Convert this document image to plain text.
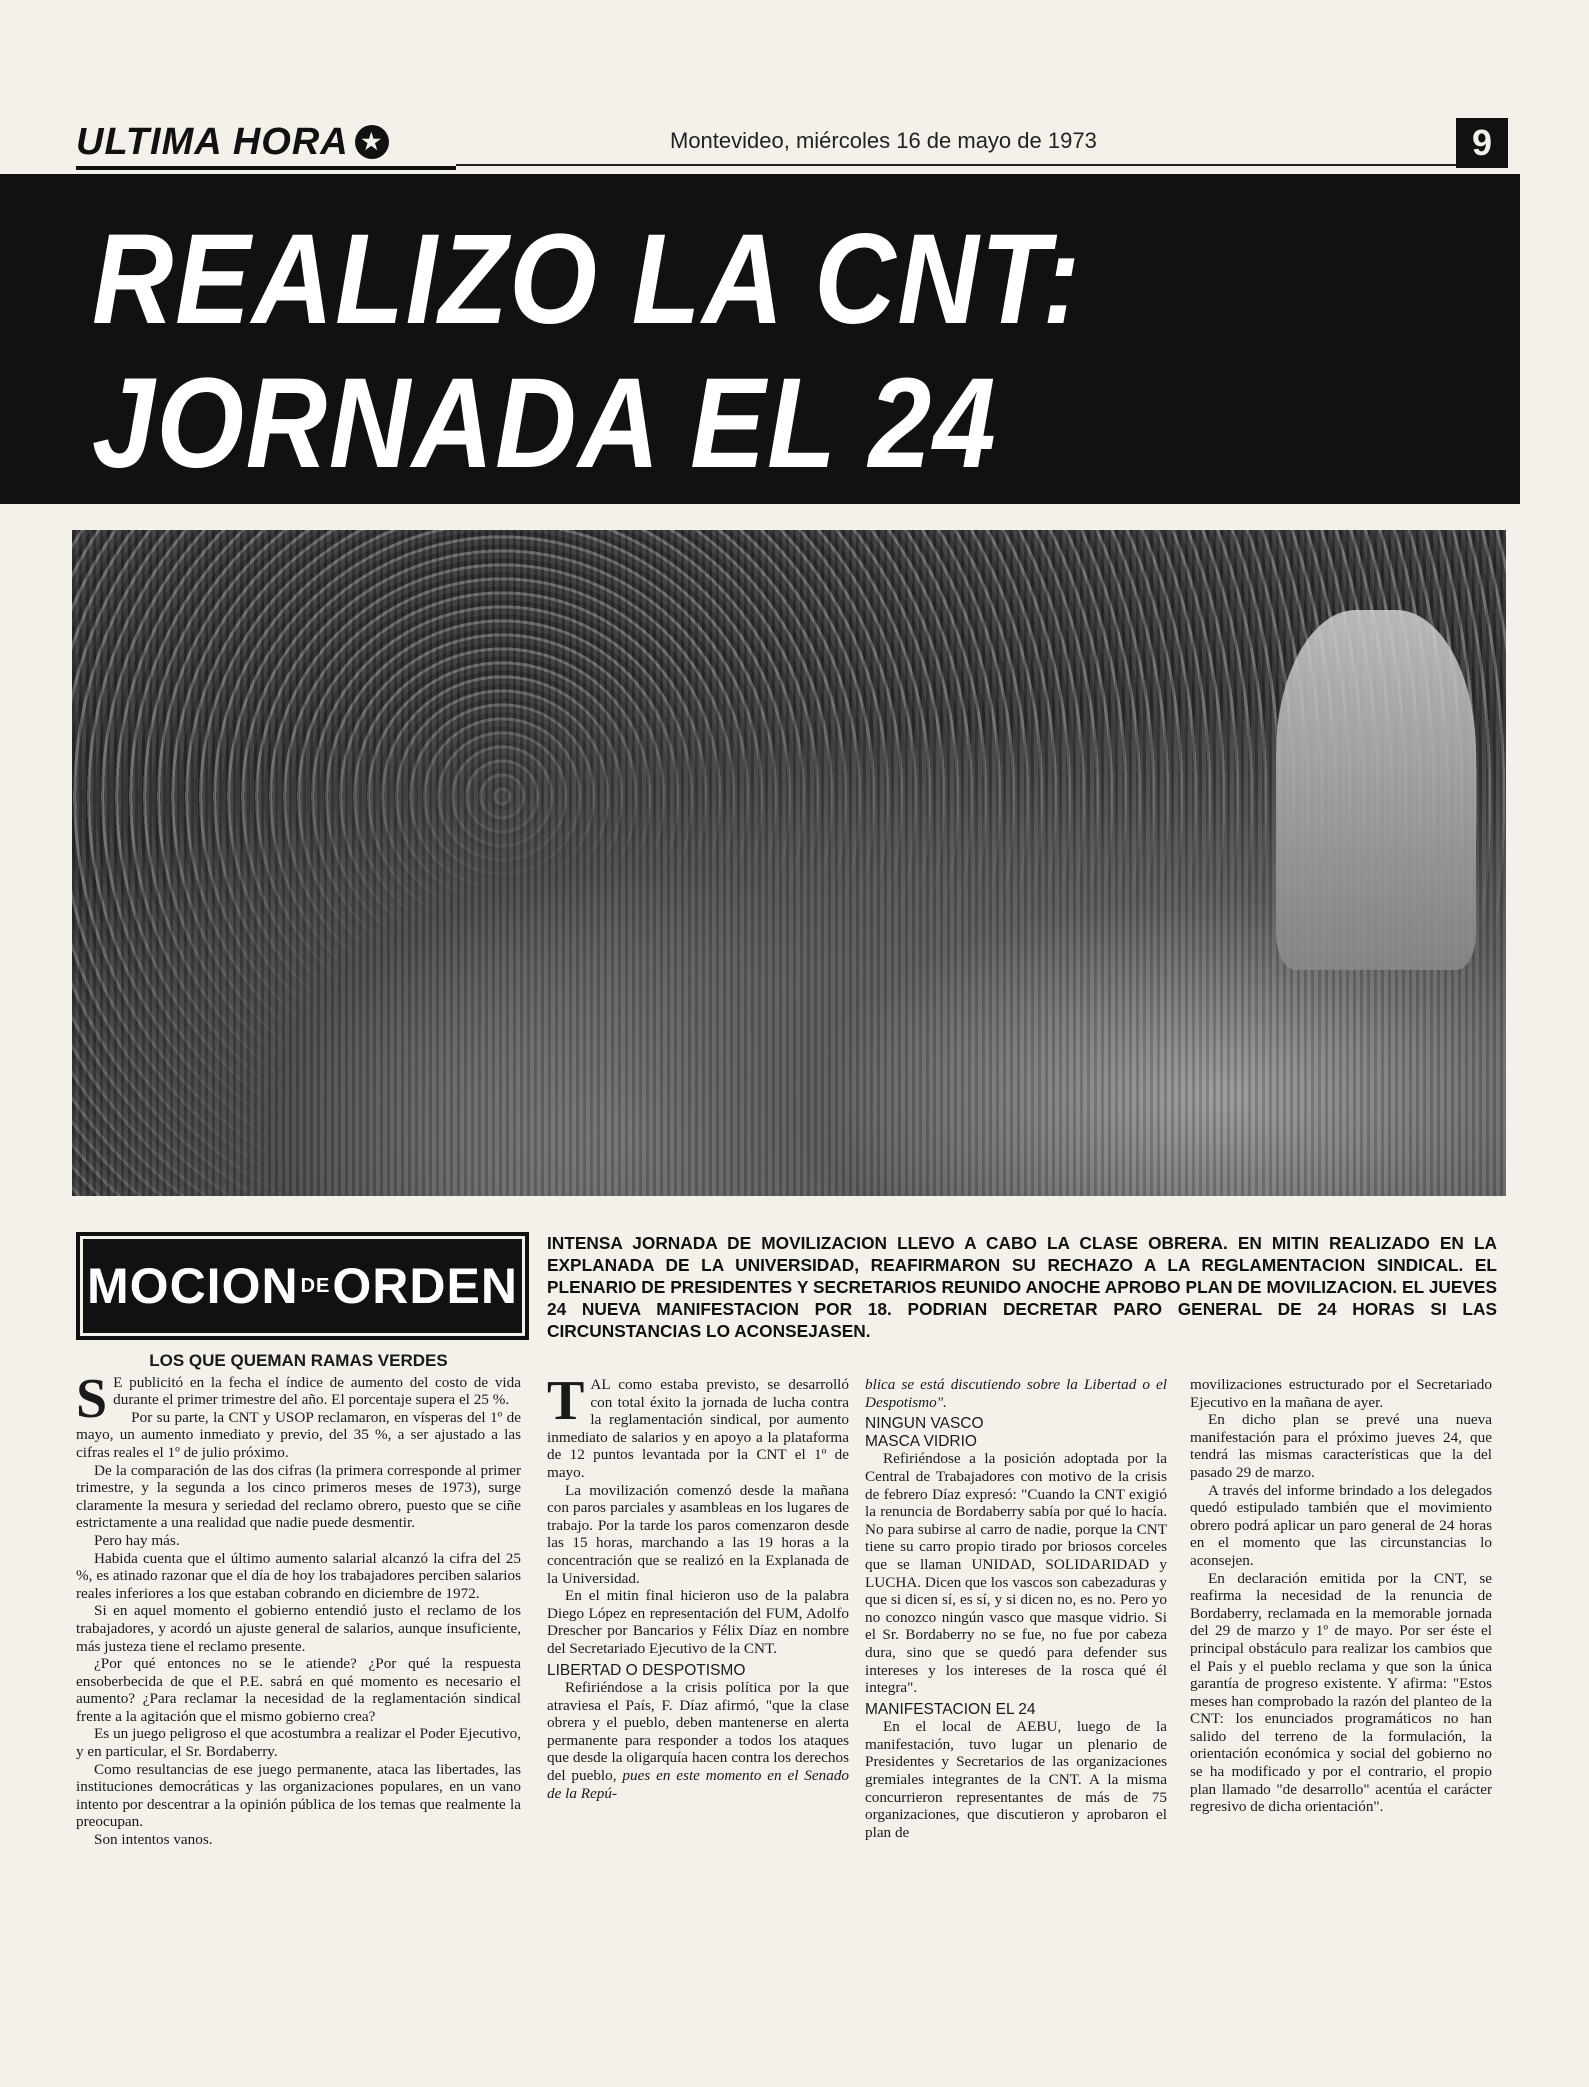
ULTIMA HORA ★	Montevideo, miércoles 16 de mayo de 1973	9
REALIZO LA CNT:
JORNADA EL 24
MOCION DE ORDEN
INTENSA JORNADA DE MOVILIZACION LLEVO A CABO LA CLASE OBRERA. EN MITIN REALIZADO EN LA EXPLANADA DE LA UNIVERSIDAD, REAFIRMARON SU RECHAZO A LA REGLAMENTACION SINDICAL. EL PLENARIO DE PRESIDENTES Y SECRETARIOS REUNIDO ANOCHE APROBO PLAN DE MOVILIZACION. EL JUEVES 24 NUEVA MANIFESTACION POR 18. PODRIAN DECRETAR PARO GENERAL DE 24 HORAS SI LAS CIRCUNSTANCIAS LO ACONSEJASEN.
LOS QUE QUEMAN RAMAS VERDES

S E publicitó en la fecha el índice de aumento del costo de vida durante el primer trimestre del año. El porcentaje supera el 25 %.

Por su parte, la CNT y USOP reclamaron, en vísperas del 1º de mayo, un aumento inmediato y previo, del 35 %, a ser ajustado a las cifras reales el 1º de julio próximo.

De la comparación de las dos cifras (la primera corresponde al primer trimestre, y la segunda a los cinco primeros meses de 1973), surge claramente la mesura y seriedad del reclamo obrero, puesto que se ciñe estrictamente a una realidad que nadie puede desmentir.

Pero hay más.

Habida cuenta que el último aumento salarial alcanzó la cifra del 25 %, es atinado razonar que el día de hoy los trabajadores perciben salarios reales inferiores a los que estaban cobrando en diciembre de 1972.

Si en aquel momento el gobierno entendió justo el reclamo de los trabajadores, y acordó un ajuste general de salarios, aunque insuficiente, más justeza tiene el reclamo presente.

¿Por qué entonces no se le atiende? ¿Por qué la respuesta ensoberbecida de que el P.E. sabrá en qué momento es necesario el aumento? ¿Para reclamar la necesidad de la reglamentación sindical frente a la agitación que el mismo gobierno crea?

Es un juego peligroso el que acostumbra a realizar el Poder Ejecutivo, y en particular, el Sr. Bordaberry.

Como resultancias de ese juego permanente, ataca las libertades, las instituciones democráticas y las organizaciones populares, en un vano intento por descentrar a la opinión pública de los temas que realmente la preocupan.

Son intentos vanos.

TAL como estaba previsto, se desarrolló con total éxito la jornada de lucha contra la reglamentación sindical, por aumento inmediato de salarios y en apoyo a la plataforma de 12 puntos levantada por la CNT el 1º de mayo.

La movilización comenzó desde la mañana con paros parciales y asambleas en los lugares de trabajo. Por la tarde los paros comenzaron desde las 15 horas, marchando a las 19 horas a la concentración que se realizó en la Explanada de la Universidad.

En el mitin final hicieron uso de la palabra Diego López en representación del FUM, Adolfo Drescher por Bancarios y Félix Díaz en nombre del Secretariado Ejecutivo de la CNT.

LIBERTAD O DESPOTISMO

Refiriéndose a la crisis política por la que atraviesa el País, F. Díaz afirmó, "que la clase obrera y el pueblo, deben mantenerse en alerta permanente para responder a todos los ataques que desde la oligarquía hacen contra los derechos del pueblo, pues en este momento en el Senado de la Repú-

blica se está discutiendo sobre la Libertad o el Despotismo".

NINGUN VASCO

MASCA VIDRIO

Refiriéndose a la posición adoptada por la Central de Trabajadores con motivo de la crisis de febrero Díaz expresó: "Cuando la CNT exigió la renuncia de Bordaberry sabía por qué lo hacía. No para subirse al carro de nadie, porque la CNT tiene su carro propio tirado por briosos corceles que se llaman UNIDAD, SOLIDARIDAD y LUCHA. Dicen que los vascos son cabezaduras y que si dicen sí, es sí, y si dicen no, es no. Pero yo no conozco ningún vasco que masque vidrio. Si el Sr. Bordaberry no se fue, no fue por cabeza dura, sino que se quedó para defender sus intereses y los intereses de la rosca qué él integra".

MANIFESTACION EL 24

En el local de AEBU, luego de la manifestación, tuvo lugar un plenario de Presidentes y Secretarios de las organizaciones gremiales integrantes de la CNT. A la misma concurrieron representantes de más de 75 organizaciones, que discutieron y aprobaron el plan de

movilizaciones estructurado por el Secretariado Ejecutivo en la mañana de ayer.

En dicho plan se prevé una nueva manifestación para el próximo jueves 24, que tendrá las mismas características que la del pasado 29 de marzo.

A través del informe brindado a los delegados quedó estipulado también que el movimiento obrero podrá aplicar un paro general de 24 horas en el momento que las circunstancias lo aconsejen.

En declaración emitida por la CNT, se reafirma la necesidad de la renuncia de Bordaberry, reclamada en la memorable jornada del 29 de marzo y 1º de mayo. Por ser éste el principal obstáculo para realizar los cambios que el País y el pueblo reclama y que son la única garantía de progreso existente. Y afirma: "Estos meses han comprobado la razón del planteo de la CNT: los enunciados programáticos no han salido del terreno de la formulación, la orientación económica y social del gobierno no se ha modificado y por el contrario, el propio plan llamado "de desarrollo" acentúa el carácter regresivo de dicha orientación".
